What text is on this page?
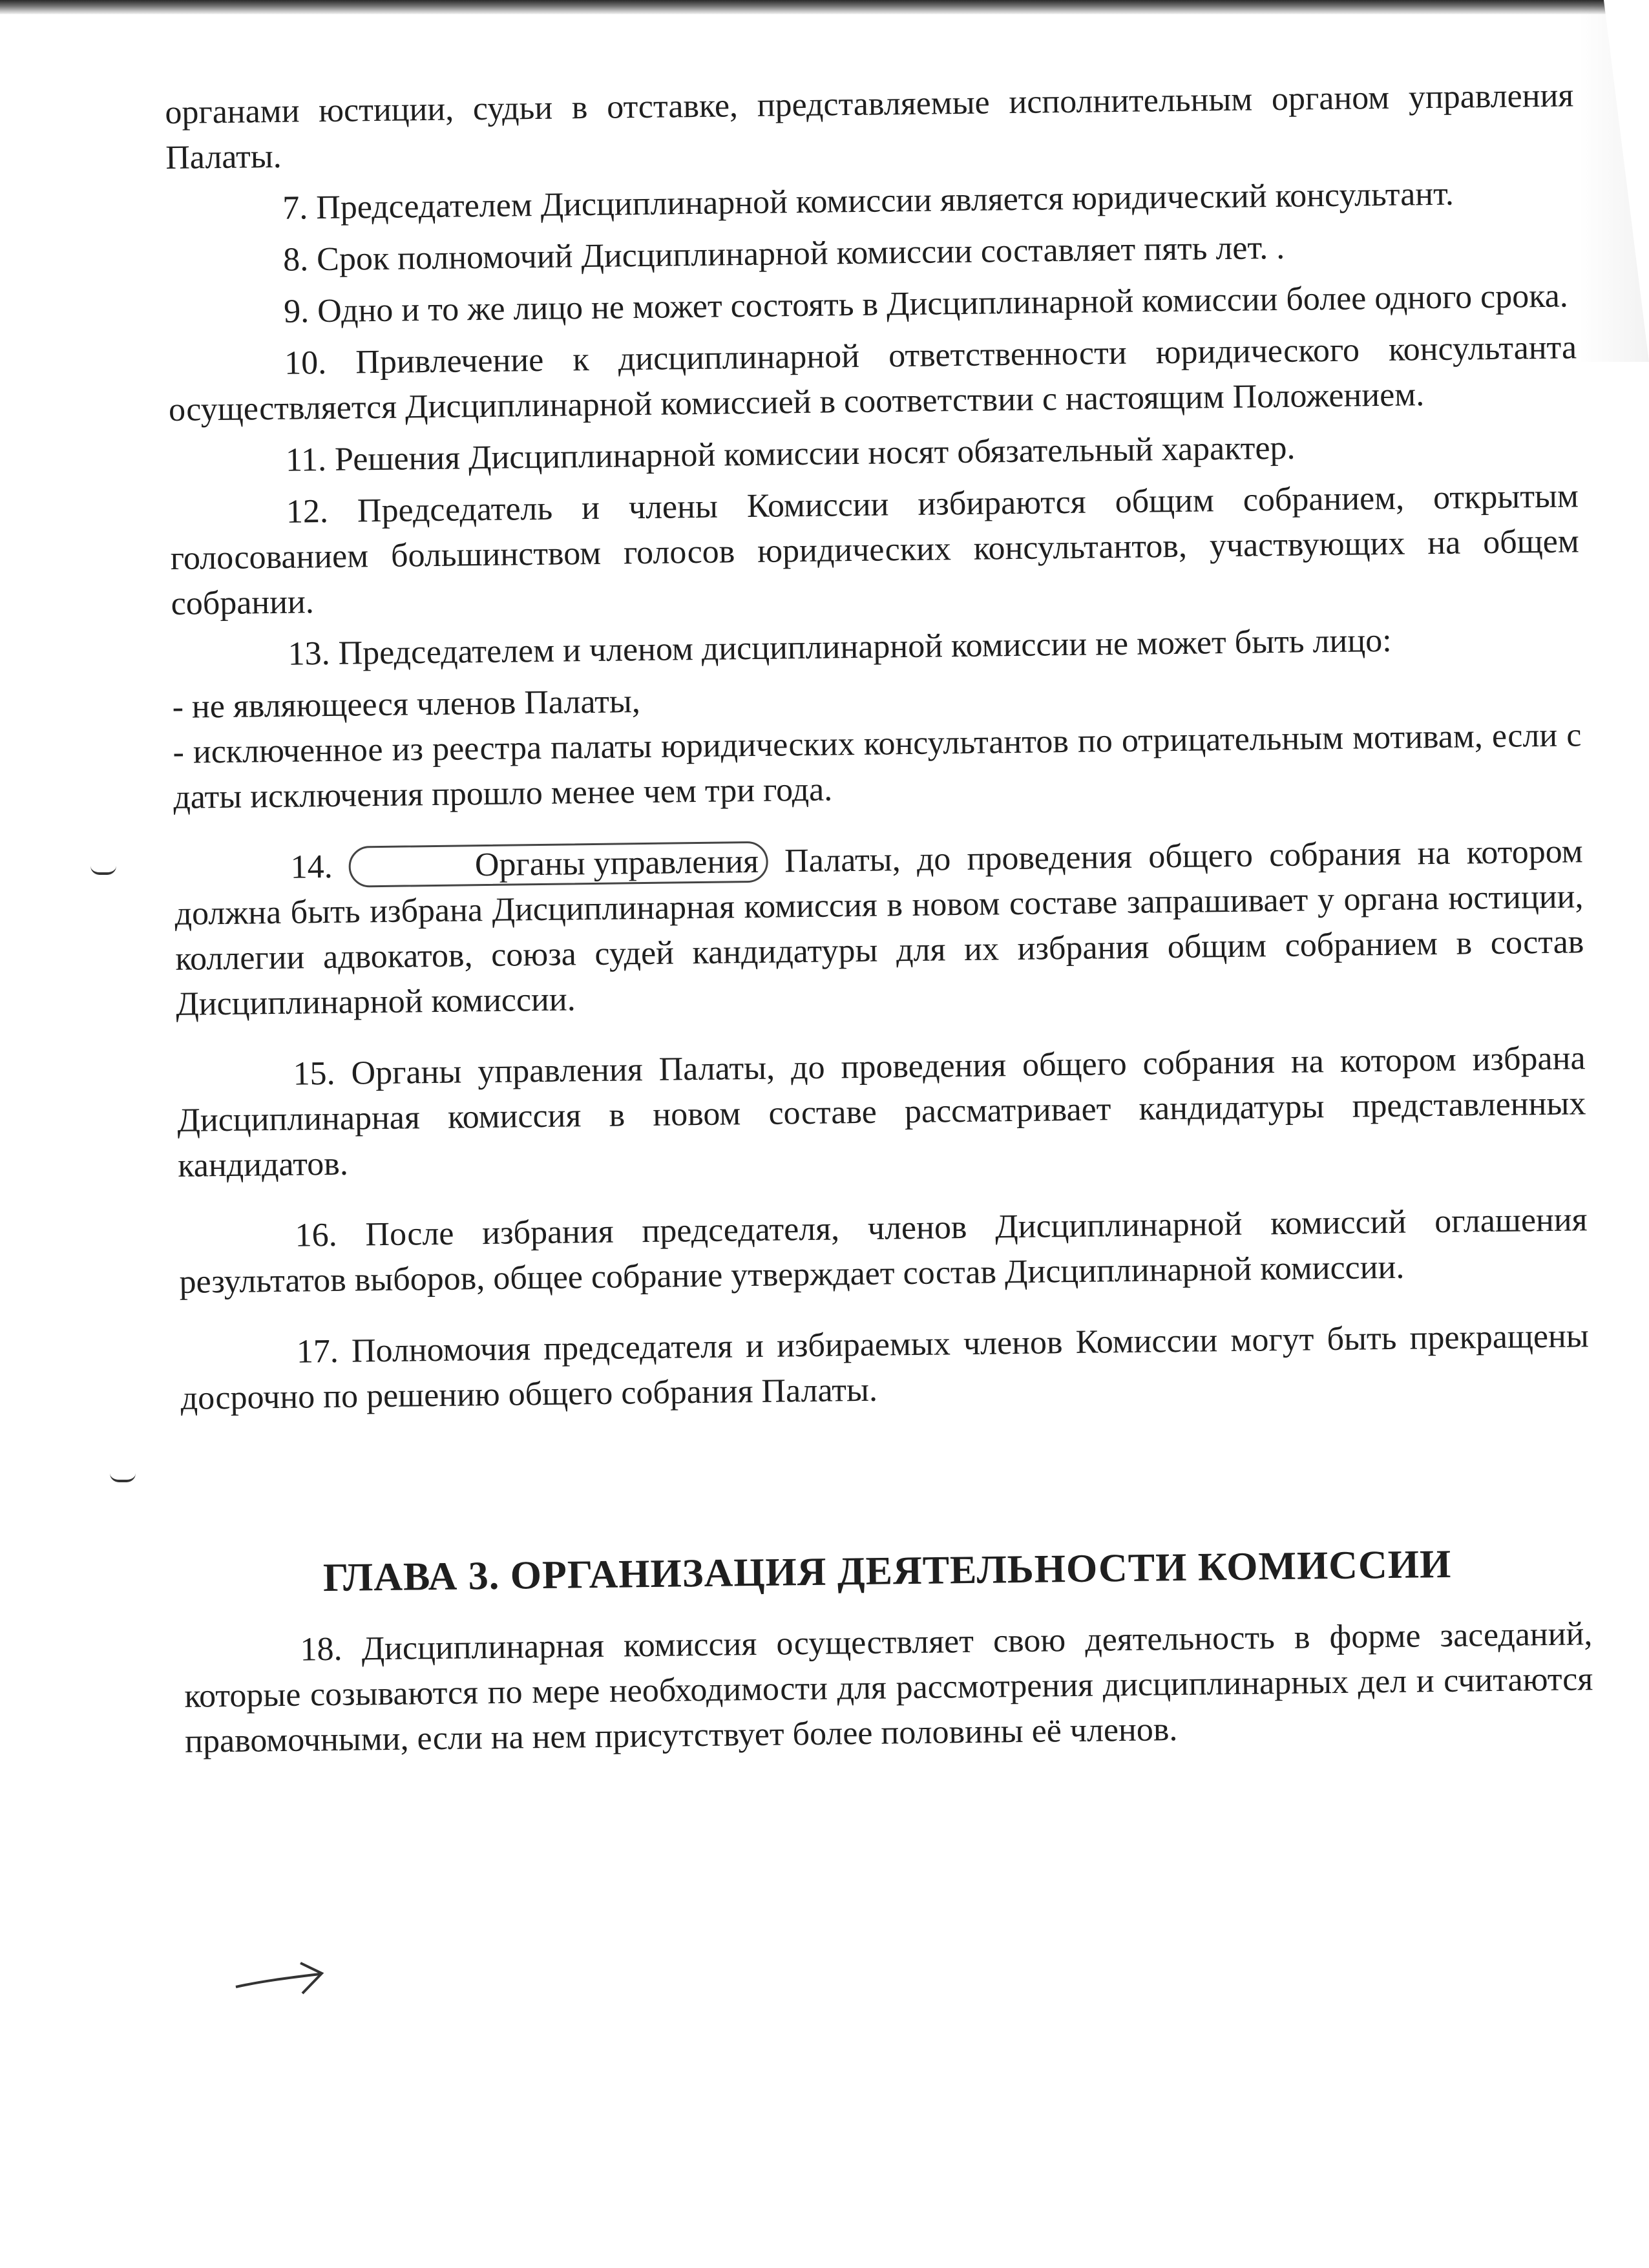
органами юстиции, судьи в отставке, представляемые исполнительным органом управления Палаты.

7. Председателем Дисциплинарной комиссии является юридический консультант.

8. Срок полномочий Дисциплинарной комиссии составляет пять лет. .

9. Одно и то же лицо не может состоять в Дисциплинарной комиссии более одного срока.

10. Привлечение к дисциплинарной ответственности юридического консультанта осуществляется Дисциплинарной комиссией в соответствии с настоящим Положением.

11. Решения Дисциплинарной комиссии носят обязательный характер.

12. Председатель и члены Комиссии избираются общим собранием, открытым голосованием большинством голосов юридических консультантов, участвующих на общем собрании.

13. Председателем и членом дисциплинарной комиссии не может быть лицо:

- не являющееся членов Палаты,

- исключенное из реестра палаты юридических консультантов по отрицательным мотивам, если с даты исключения прошло менее чем три года.

14.	Органы управления Палаты, до проведения общего собрания на котором должна быть избрана Дисциплинарная комиссия в новом составе запрашивает у органа юстиции, коллегии адвокатов, союза судей кандидатуры для их избрания общим собранием в состав Дисциплинарной комиссии.

15. Органы управления Палаты, до проведения общего собрания на котором избрана Дисциплинарная комиссия в новом составе рассматривает кандидатуры представленных кандидатов.

16. После избрания председателя, членов Дисциплинарной комиссий оглашения результатов выборов, общее собрание утверждает состав Дисциплинарной комиссии.

17. Полномочия председателя и избираемых членов Комиссии могут быть прекращены досрочно по решению общего собрания Палаты.

ГЛАВА 3. ОРГАНИЗАЦИЯ ДЕЯТЕЛЬНОСТИ КОМИССИИ

18. Дисциплинарная комиссия осуществляет свою деятельность в форме заседаний, которые созываются по мере необходимости для рассмотрения дисциплинарных дел и считаются правомочными, если на нем присутствует более половины её членов.
